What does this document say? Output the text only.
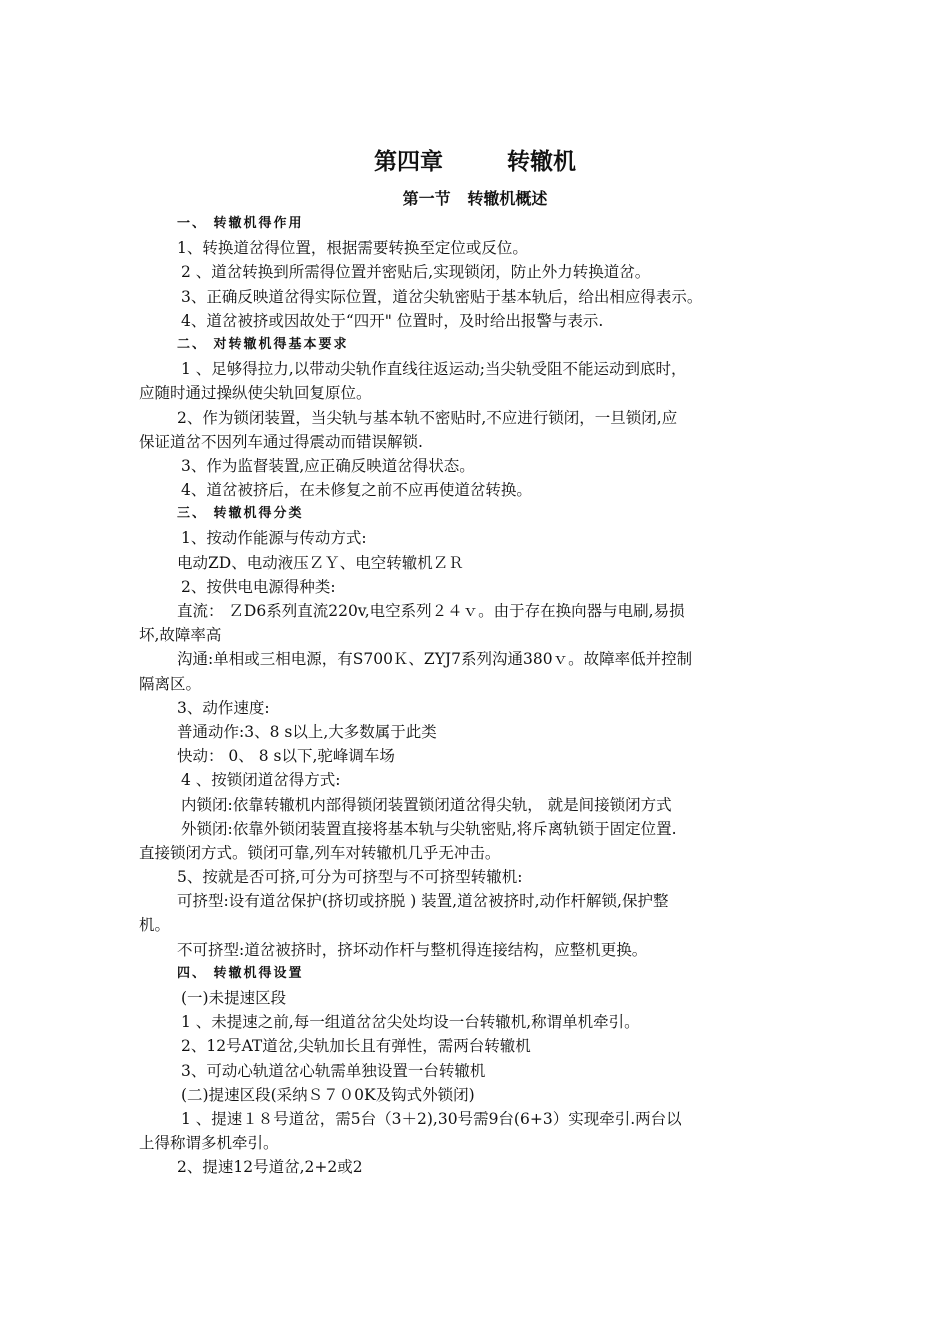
第四章        转辙机
第一节   转辙机概述
一、 转辙机得作用
1、转换道岔得位置，根据需要转换至定位或反位。
2 、道岔转换到所需得位置并密贴后,实现锁闭，防止外力转换道岔。
3、正确反映道岔得实际位置，道岔尖轨密贴于基本轨后，给出相应得表示。
4、道岔被挤或因故处于“四开" 位置时，及时给出报警与表示.
二、 对转辙机得基本要求
1 、足够得拉力,以带动尖轨作直线往返运动;当尖轨受阻不能运动到底时，
应随时通过操纵使尖轨回复原位。
2、作为锁闭装置，当尖轨与基本轨不密贴时,不应进行锁闭，一旦锁闭,应
保证道岔不因列车通过得震动而错误解锁.
3、作为监督装置,应正确反映道岔得状态。
4、道岔被挤后，在未修复之前不应再使道岔转换。
三、 转辙机得分类
1、按动作能源与传动方式:
电动ZD、电动液压ＺＹ、电空转辙机ＺＲ
2、按供电电源得种类:
直流： ＺD6系列直流220v,电空系列２４ｖ。由于存在换向器与电刷,易损
坏,故障率高
沟通:单相或三相电源，有S700Ｋ、ZYJ7系列沟通380ｖ。故障率低并控制
隔离区。
3、动作速度:
普通动作:3、8 s以上,大多数属于此类
快动： 0、 8 s以下,驼峰调车场
4 、按锁闭道岔得方式:
内锁闭:依靠转辙机内部得锁闭装置锁闭道岔得尖轨， 就是间接锁闭方式
外锁闭:依靠外锁闭装置直接将基本轨与尖轨密贴,将斥离轨锁于固定位置.
直接锁闭方式。锁闭可靠,列车对转辙机几乎无冲击。
5、按就是否可挤,可分为可挤型与不可挤型转辙机:
可挤型:设有道岔保护(挤切或挤脱 ) 装置,道岔被挤时,动作杆解锁,保护整
机。
不可挤型:道岔被挤时，挤坏动作杆与整机得连接结构，应整机更换。
四、 转辙机得设置
(一)未提速区段
1 、未提速之前,每一组道岔岔尖处均设一台转辙机,称谓单机牵引。
2、12号AT道岔,尖轨加长且有弹性，需两台转辙机
3、可动心轨道岔心轨需单独设置一台转辙机
(二)提速区段(采纳Ｓ７０0K及钩式外锁闭)
1 、提速１８号道岔，需5台（3＋2),30号需9台(6+3）实现牵引.两台以
上得称谓多机牵引。
2、提速12号道岔,2+2或2
